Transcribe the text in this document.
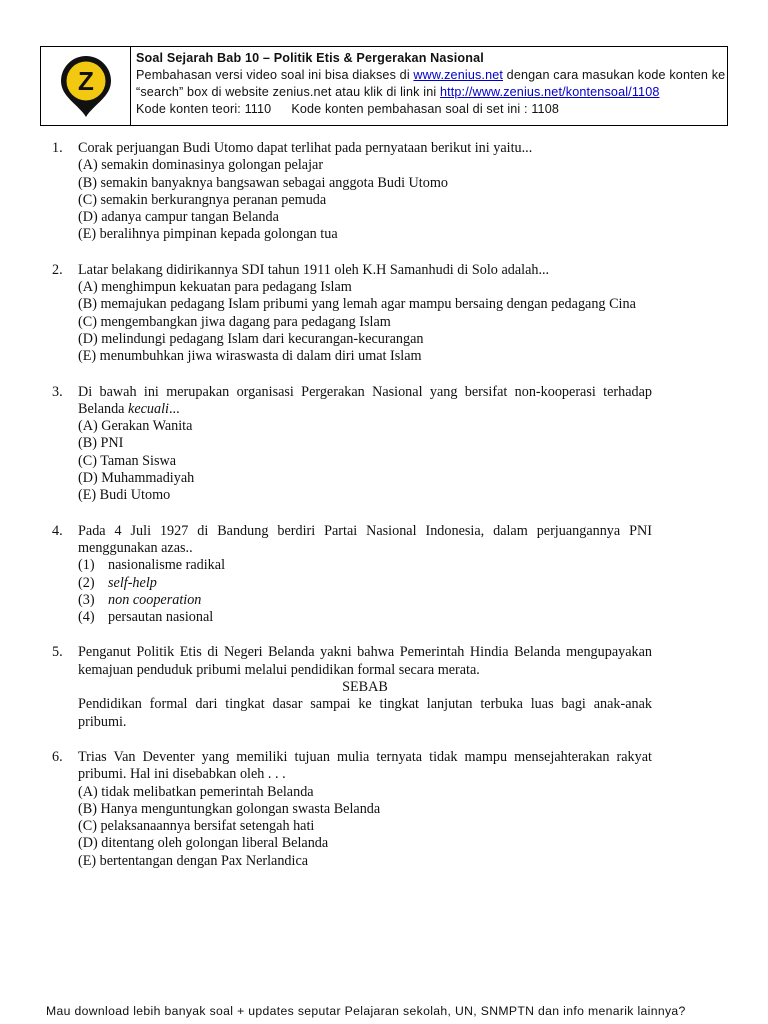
Z
Soal Sejarah Bab 10 – Politik Etis & Pergerakan Nasional
Pembahasan versi video soal ini bisa diakses di www.zenius.net dengan cara masukan kode konten ke
“search” box di website zenius.net atau klik di link ini http://www.zenius.net/kontensoal/1108
Kode konten teori: 1110 Kode konten pembahasan soal di set ini : 1108
1. Corak perjuangan Budi Utomo dapat terlihat pada pernyataan berikut ini yaitu...
(A) semakin dominasinya golongan pelajar
(B) semakin banyaknya bangsawan sebagai anggota Budi Utomo
(C) semakin berkurangnya peranan pemuda
(D) adanya campur tangan Belanda
(E) beralihnya pimpinan kepada golongan tua
2. Latar belakang didirikannya SDI tahun 1911 oleh K.H Samanhudi di Solo adalah...
(A) menghimpun kekuatan para pedagang Islam
(B) memajukan pedagang Islam pribumi yang lemah agar mampu bersaing dengan pedagang Cina
(C) mengembangkan jiwa dagang para pedagang Islam
(D) melindungi pedagang Islam dari kecurangan-kecurangan
(E) menumbuhkan jiwa wiraswasta di dalam diri umat Islam
3. Di bawah ini merupakan organisasi Pergerakan Nasional yang bersifat non-kooperasi terhadap Belanda kecuali...
(A) Gerakan Wanita
(B) PNI
(C) Taman Siswa
(D) Muhammadiyah
(E) Budi Utomo
4. Pada 4 Juli 1927 di Bandung berdiri Partai Nasional Indonesia, dalam perjuangannya PNI menggunakan azas..
(1) nasionalisme radikal
(2) self-help
(3) non cooperation
(4) persautan nasional
5. Penganut Politik Etis di Negeri Belanda yakni bahwa Pemerintah Hindia Belanda mengupayakan kemajuan penduduk pribumi melalui pendidikan formal secara merata.
SEBAB
Pendidikan formal dari tingkat dasar sampai ke tingkat lanjutan terbuka luas bagi anak-anak pribumi.
6. Trias Van Deventer yang memiliki tujuan mulia ternyata tidak mampu mensejahterakan rakyat pribumi. Hal ini disebabkan oleh . . .
(A) tidak melibatkan pemerintah Belanda
(B) Hanya menguntungkan golongan swasta Belanda
(C) pelaksanaannya bersifat setengah hati
(D) ditentang oleh golongan liberal Belanda
(E) bertentangan dengan Pax Nerlandica
Mau download lebih banyak soal + updates seputar Pelajaran sekolah, UN, SNMPTN dan info menarik lainnya?
